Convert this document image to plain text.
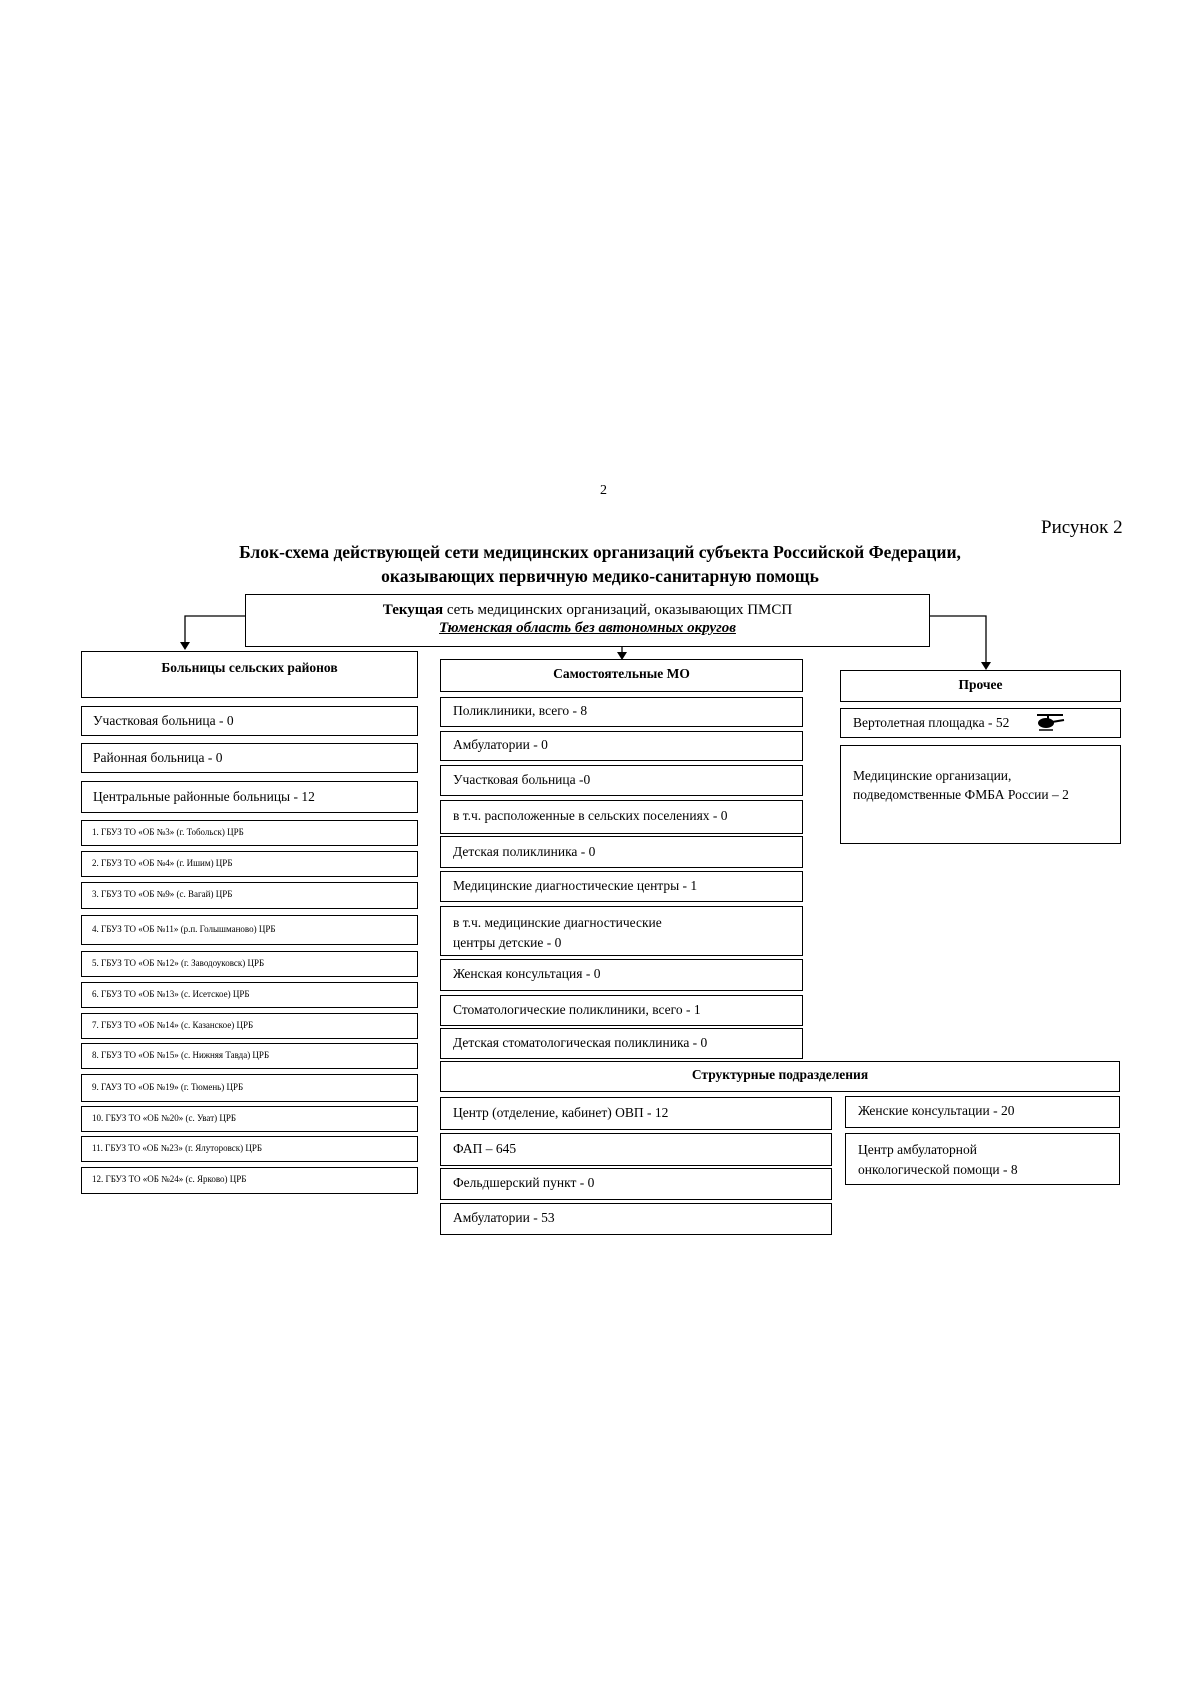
2
Рисунок 2
Блок-схема действующей сети медицинских организаций субъекта Российской Федерации,
оказывающих первичную медико-санитарную помощь
Текущая сеть медицинских организаций, оказывающих ПМСП
Тюменская область без автономных округов
Больницы сельских районов
Участковая больница - 0
Районная больница - 0
Центральные районные больницы - 12
1. ГБУЗ ТО «ОБ №3» (г. Тобольск) ЦРБ
2. ГБУЗ ТО «ОБ №4» (г. Ишим) ЦРБ
3. ГБУЗ ТО «ОБ №9» (с. Вагай) ЦРБ
4. ГБУЗ ТО «ОБ №11» (р.п. Голышманово) ЦРБ
5. ГБУЗ ТО «ОБ №12» (г. Заводоуковск) ЦРБ
6. ГБУЗ ТО «ОБ №13» (с. Исетское) ЦРБ
7. ГБУЗ ТО «ОБ №14» (с. Казанское) ЦРБ
8. ГБУЗ ТО «ОБ №15» (с. Нижняя Тавда) ЦРБ
9. ГАУЗ ТО «ОБ №19» (г. Тюмень) ЦРБ
10. ГБУЗ ТО «ОБ №20» (с. Уват) ЦРБ
11. ГБУЗ ТО «ОБ №23» (г. Ялуторовск) ЦРБ
12. ГБУЗ ТО «ОБ №24» (с. Ярково) ЦРБ
Самостоятельные МО
Поликлиники, всего - 8
Амбулатории - 0
Участковая больница -0
в т.ч. расположенные в сельских поселениях - 0
Детская поликлиника - 0
Медицинские диагностические центры - 1
в т.ч. медицинские диагностические
центры детские - 0
Женская консультация - 0
Стоматологические поликлиники, всего - 1
Детская стоматологическая поликлиника - 0
Прочее
Вертолетная площадка - 52
Медицинские организации,
подведомственные ФМБА России – 2
Структурные подразделения
Центр (отделение, кабинет) ОВП - 12
ФАП – 645
Фельдшерский пункт - 0
Амбулатории - 53
Женские консультации - 20
Центр амбулаторной
онкологической помощи - 8
